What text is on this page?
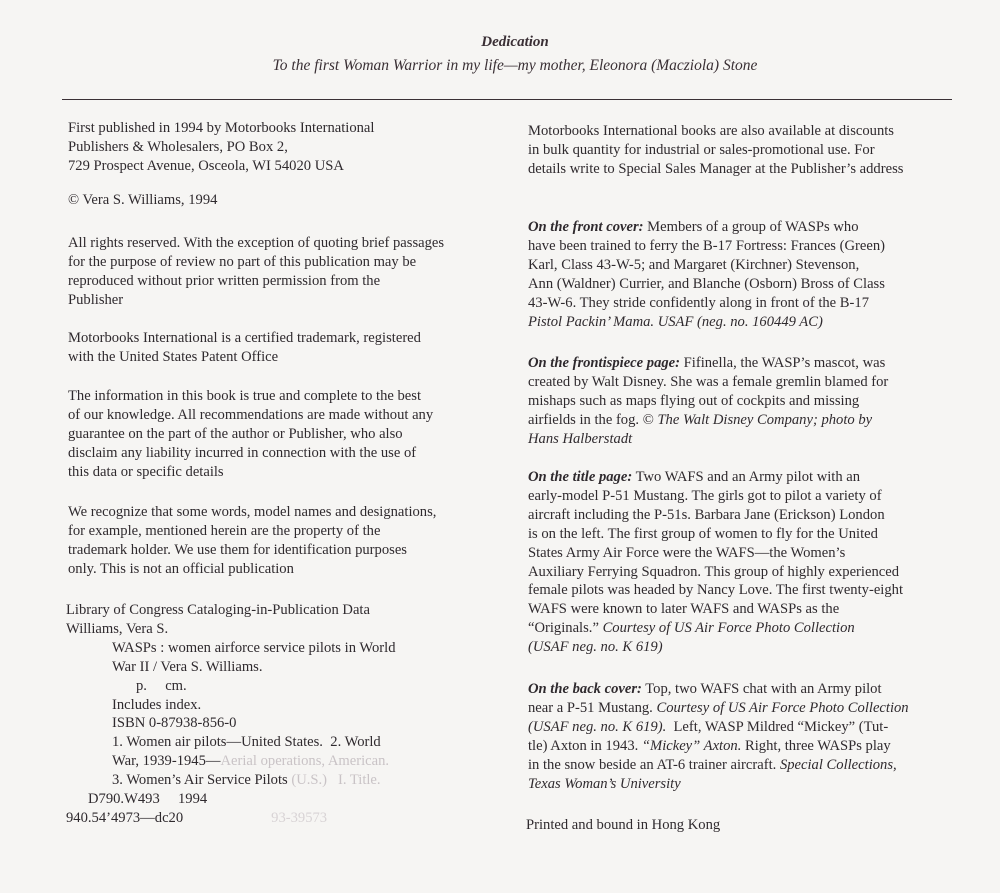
Dedication
To the first Woman Warrior in my life—my mother, Eleonora (Macziola) Stone
First published in 1994 by Motorbooks International
Publishers & Wholesalers, PO Box 2,
729 Prospect Avenue, Osceola, WI 54020 USA
© Vera S. Williams, 1994
All rights reserved. With the exception of quoting brief passages
for the purpose of review no part of this publication may be
reproduced without prior written permission from the
Publisher
Motorbooks International is a certified trademark, registered
with the United States Patent Office
The information in this book is true and complete to the best
of our knowledge. All recommendations are made without any
guarantee on the part of the author or Publisher, who also
disclaim any liability incurred in connection with the use of
this data or specific details
We recognize that some words, model names and designations,
for example, mentioned herein are the property of the
trademark holder. We use them for identification purposes
only. This is not an official publication
Library of Congress Cataloging-in-Publication Data
Williams, Vera S.
WASPs : women airforce service pilots in World
War II / Vera S. Williams.
p.     cm.
Includes index.
ISBN 0-87938-856-0
1. Women air pilots—United States.  2. World
War, 1939-1945—Aerial operations, American.
3. Women’s Air Service Pilots (U.S.)   I. Title.
D790.W493     1994
940.54’4973—dc20	93-39573
Motorbooks International books are also available at discounts
in bulk quantity for industrial or sales-promotional use. For
details write to Special Sales Manager at the Publisher’s address
On the front cover: Members of a group of WASPs who
have been trained to ferry the B-17 Fortress: Frances (Green)
Karl, Class 43-W-5; and Margaret (Kirchner) Stevenson,
Ann (Waldner) Currier, and Blanche (Osborn) Bross of Class
43-W-6. They stride confidently along in front of the B-17
Pistol Packin’ Mama. USAF (neg. no. 160449 AC)
On the frontispiece page: Fifinella, the WASP’s mascot, was
created by Walt Disney. She was a female gremlin blamed for
mishaps such as maps flying out of cockpits and missing
airfields in the fog. © The Walt Disney Company; photo by
Hans Halberstadt
On the title page: Two WAFS and an Army pilot with an
early-model P-51 Mustang. The girls got to pilot a variety of
aircraft including the P-51s. Barbara Jane (Erickson) London
is on the left. The first group of women to fly for the United
States Army Air Force were the WAFS—the Women’s
Auxiliary Ferrying Squadron. This group of highly experienced
female pilots was headed by Nancy Love. The first twenty-eight
WAFS were known to later WAFS and WASPs as the
“Originals.” Courtesy of US Air Force Photo Collection
(USAF neg. no. K 619)
On the back cover: Top, two WAFS chat with an Army pilot
near a P-51 Mustang. Courtesy of US Air Force Photo Collection
(USAF neg. no. K 619).  Left, WASP Mildred “Mickey” (Tut-
tle) Axton in 1943. “Mickey” Axton. Right, three WASPs play
in the snow beside an AT-6 trainer aircraft. Special Collections,
Texas Woman’s University
Printed and bound in Hong Kong
